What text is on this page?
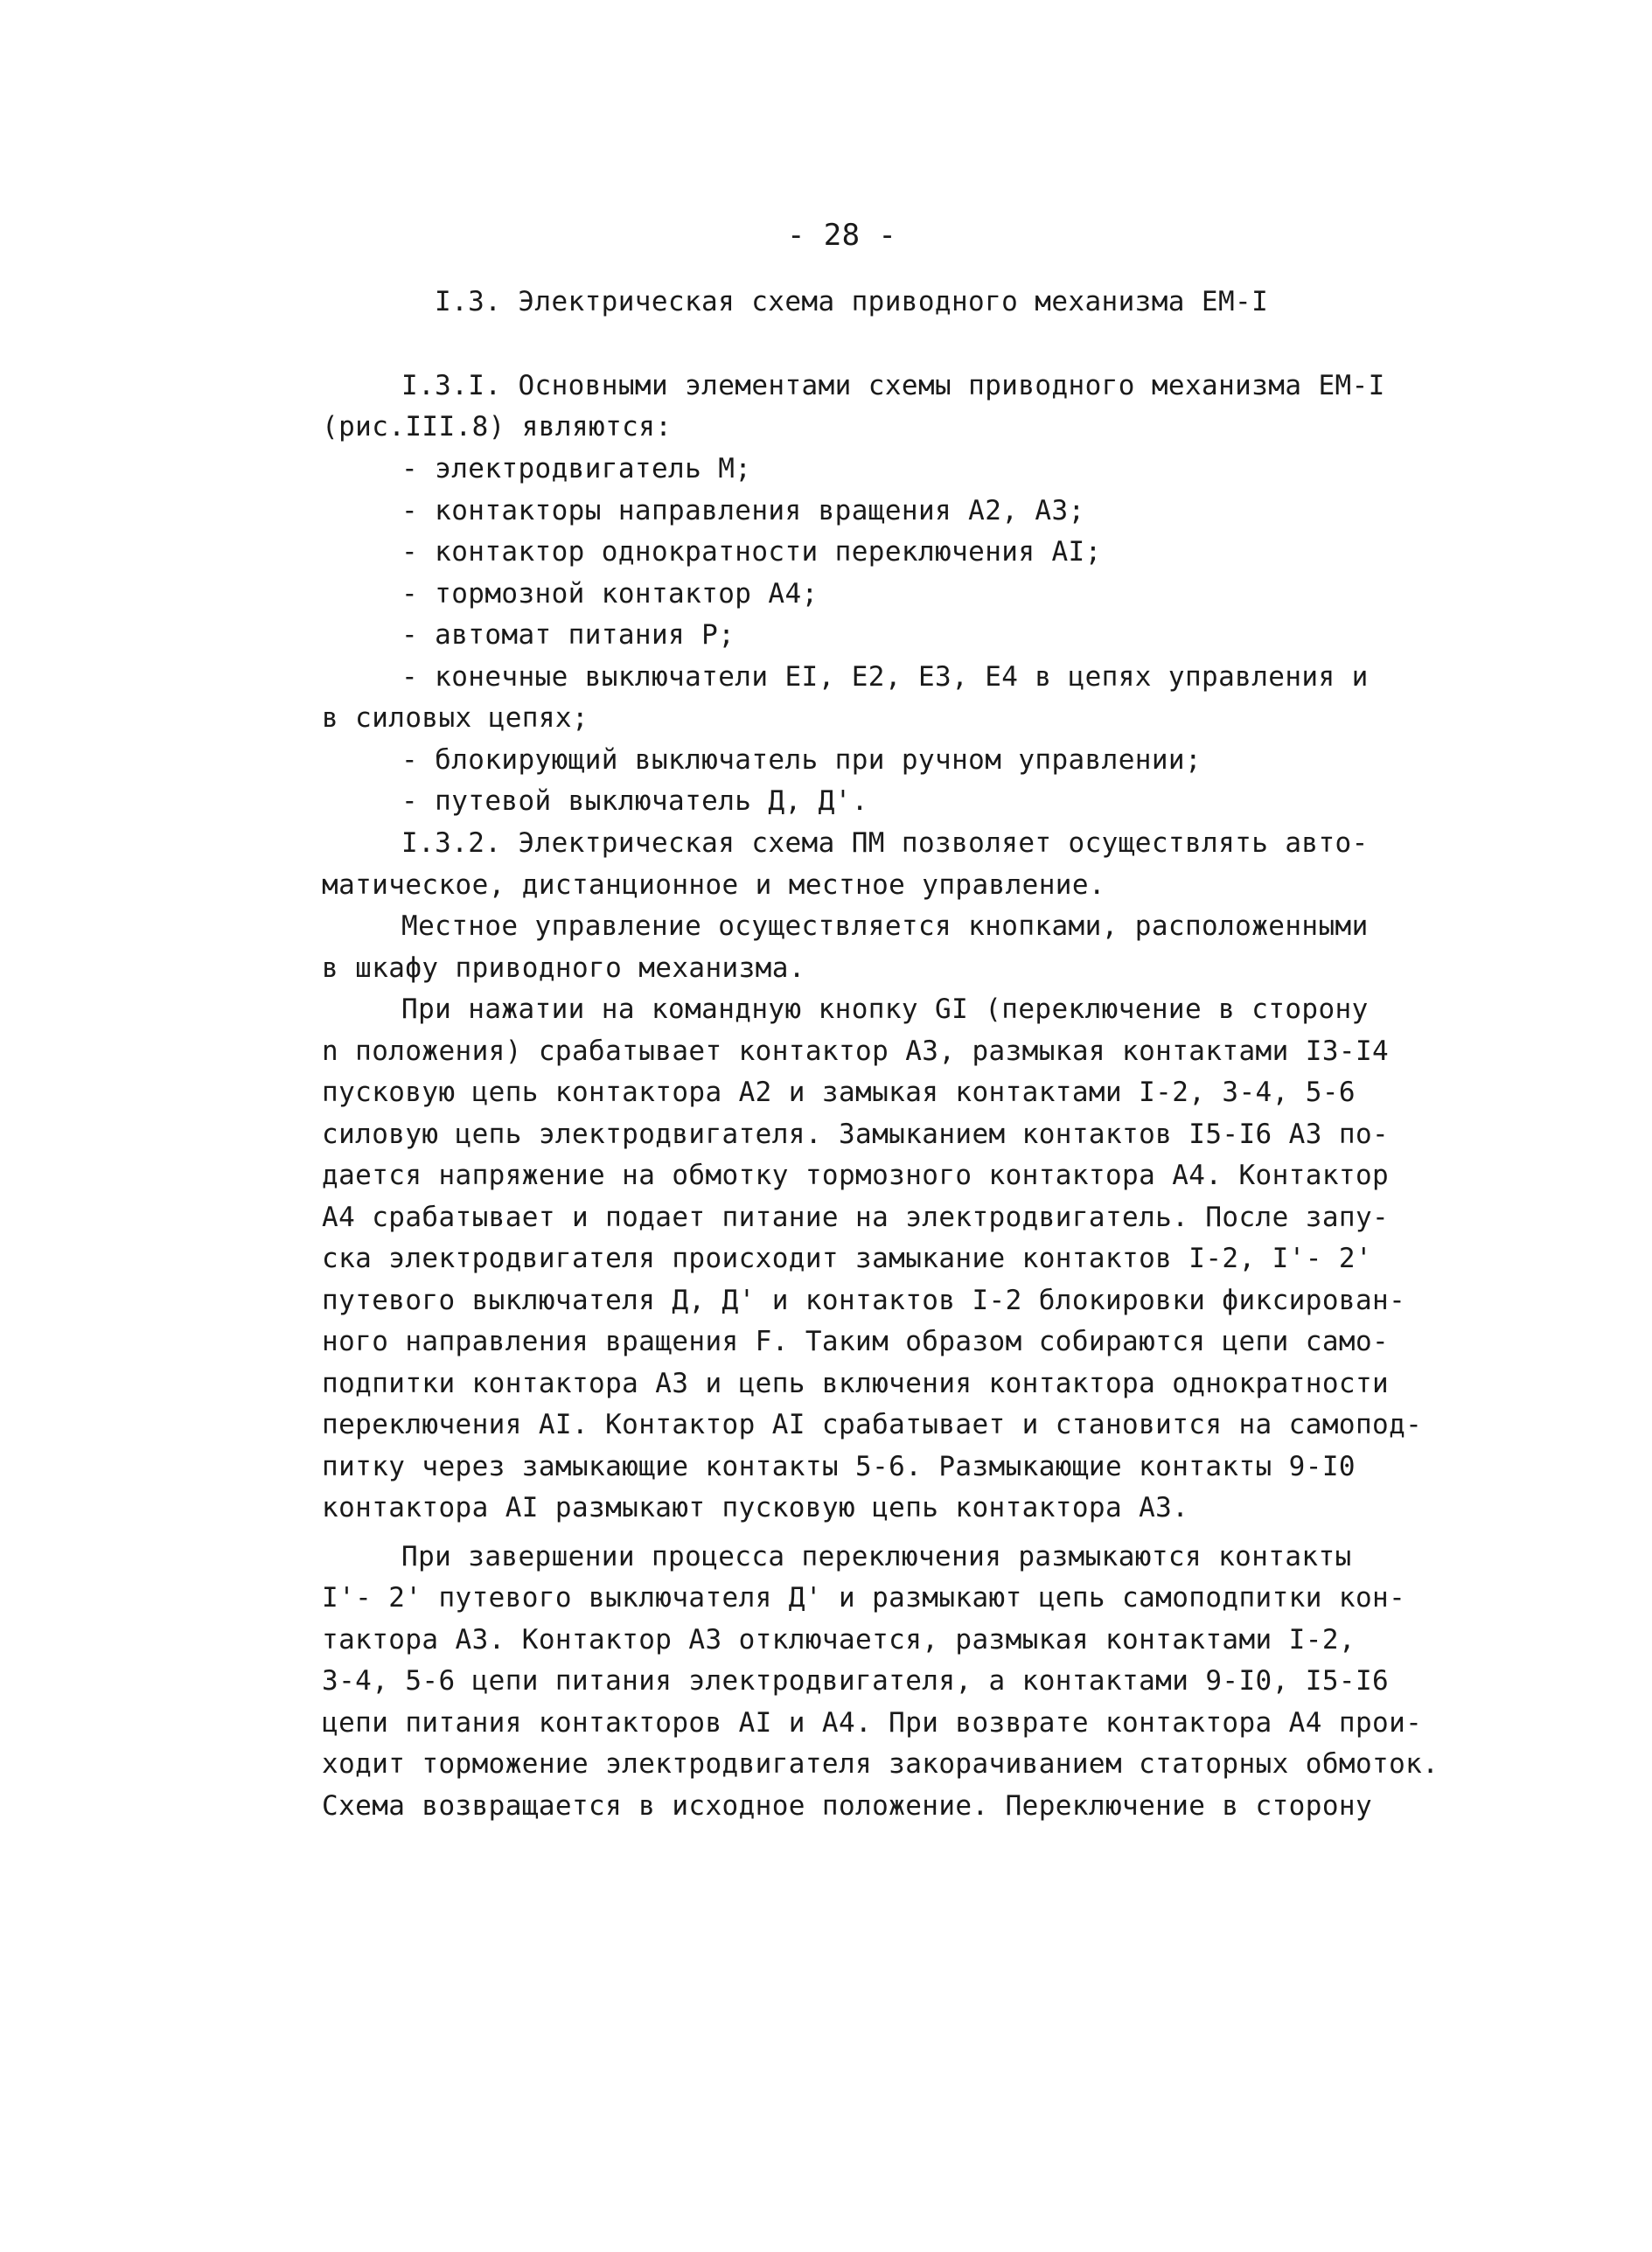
- 28 -
I.3. Электрическая схема приводного механизма ЕМ-I
I.3.I. Основными элементами схемы приводного механизма ЕМ-I
(рис.III.8) являются:
- электродвигатель М;
- контакторы направления вращения А2, А3;
- контактор однократности переключения АI;
- тормозной контактор А4;
- автомат питания Р;
- конечные выключатели ЕI, Е2, Е3, Е4 в цепях управления и
в силовых цепях;
- блокирующий выключатель при ручном управлении;
- путевой выключатель Д, Д'.
I.3.2. Электрическая схема ПМ позволяет осуществлять авто-
матическое, дистанционное и местное управление.
Местное управление осуществляется кнопками, расположенными
в шкафу приводного механизма.
При нажатии на командную кнопку GI (переключение в сторону
n положения) срабатывает контактор А3, размыкая контактами I3-I4
пусковую цепь контактора А2 и замыкая контактами I-2, 3-4, 5-6
силовую цепь электродвигателя. Замыканием контактов I5-I6 А3 по-
дается напряжение на обмотку тормозного контактора А4. Контактор
А4 срабатывает и подает питание на электродвигатель. После запу-
ска электродвигателя происходит замыкание контактов I-2, I'- 2'
путевого выключателя Д, Д' и контактов I-2 блокировки фиксирован-
ного направления вращения F. Таким образом собираются цепи само-
подпитки контактора А3 и цепь включения контактора однократности
переключения АI. Контактор АI срабатывает и становится на самопод-
питку через замыкающие контакты 5-6. Размыкающие контакты 9-I0
контактора АI размыкают пусковую цепь контактора А3.
При завершении процесса переключения размыкаются контакты
I'- 2' путевого выключателя Д' и размыкают цепь самоподпитки кон-
тактора А3. Контактор А3 отключается, размыкая контактами I-2,
3-4, 5-6 цепи питания электродвигателя, а контактами 9-I0, I5-I6
цепи питания контакторов АI и А4. При возврате контактора А4 прои-
ходит торможение электродвигателя закорачиванием статорных обмоток.
Схема возвращается в исходное положение. Переключение в сторону
